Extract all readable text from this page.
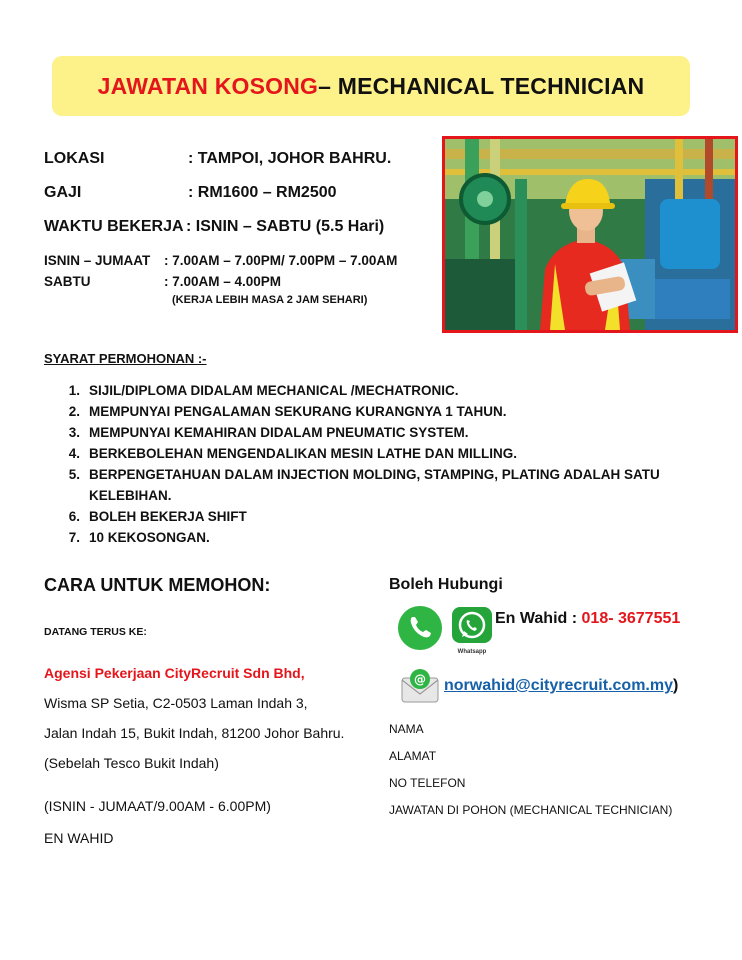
JAWATAN KOSONG – MECHANICAL TECHNICIAN
LOKASI	: TAMPOI, JOHOR BAHRU.
GAJI	: RM1600 – RM2500
WAKTU BEKERJA : ISNIN – SABTU (5.5 Hari)
ISNIN – JUMAAT : 7.00AM – 7.00PM/ 7.00PM – 7.00AM
SABTU	: 7.00AM – 4.00PM
(KERJA LEBIH MASA 2 JAM SEHARI)
SYARAT PERMOHONAN :-
1. SIJIL/DIPLOMA DIDALAM MECHANICAL /MECHATRONIC.
2. MEMPUNYAI PENGALAMAN SEKURANG KURANGNYA 1 TAHUN.
3. MEMPUNYAI KEMAHIRAN DIDALAM PNEUMATIC SYSTEM.
4. BERKEBOLEHAN MENGENDALIKAN MESIN LATHE DAN MILLING.
5. BERPENGETAHUAN DALAM INJECTION MOLDING, STAMPING, PLATING ADALAH SATU KELEBIHAN.
6. BOLEH BEKERJA SHIFT
7. 10 KEKOSONGAN.
CARA UNTUK MEMOHON:
DATANG TERUS KE:
Agensi Pekerjaan CityRecruit Sdn Bhd,
Wisma SP Setia, C2-0503 Laman Indah 3,
Jalan Indah 15, Bukit Indah, 81200 Johor Bahru.
(Sebelah Tesco Bukit Indah)
(ISNIN - JUMAAT/9.00AM - 6.00PM)
EN WAHID
Boleh Hubungi
Whatsapp
En Wahid : 018- 3677551
@ norwahid@cityrecruit.com.my)
NAMA
ALAMAT
NO TELEFON
JAWATAN DI POHON (MECHANICAL TECHNICIAN)
